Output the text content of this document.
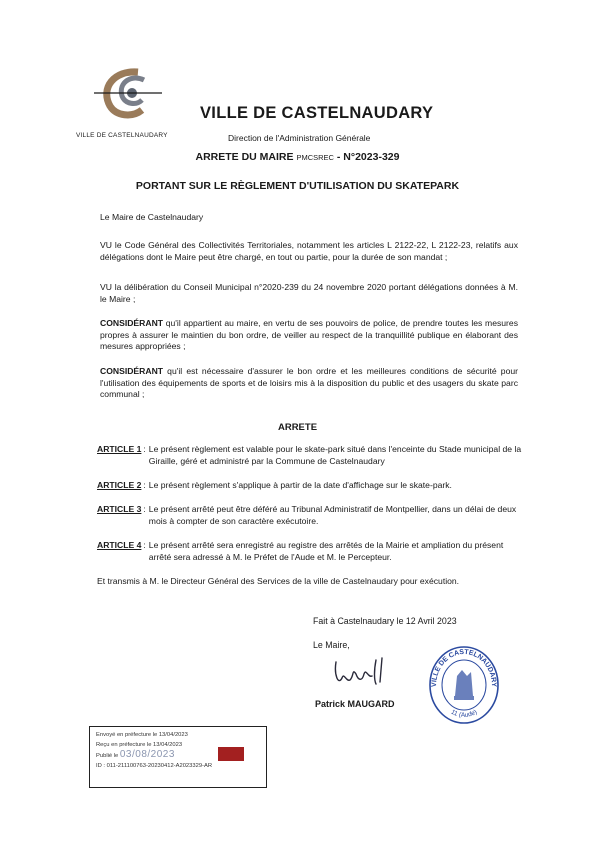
VILLE DE CASTELNAUDARY
VILLE DE CASTELNAUDARY
Direction de l'Administration Générale
ARRETE DU MAIRE PMCSREC - N°2023-329
PORTANT SUR LE RÈGLEMENT D'UTILISATION DU SKATEPARK
Le Maire de Castelnaudary
VU le Code Général des Collectivités Territoriales, notamment les articles L 2122-22, L 2122-23, relatifs aux délégations dont le Maire peut être chargé, en tout ou partie, pour la durée de son mandat ;
VU la délibération du Conseil Municipal n°2020-239 du 24 novembre 2020 portant délégations données à M. le Maire ;
CONSIDÉRANT qu'il appartient au maire, en vertu de ses pouvoirs de police, de prendre toutes les mesures propres à assurer le maintien du bon ordre, de veiller au respect de la tranquillité publique en élaborant des mesures appropriées ;
CONSIDÉRANT qu'il est nécessaire d'assurer le bon ordre et les meilleures conditions de sécurité pour l'utilisation des équipements de sports et de loisirs mis à la disposition du public et des usagers du skate parc communal ;
ARRETE
ARTICLE 1 : Le présent règlement est valable pour le skate-park situé dans l'enceinte du Stade municipal de la Giraille, géré et administré par la Commune de Castelnaudary
ARTICLE 2 : Le présent règlement s'applique à partir de la date d'affichage sur le skate-park.
ARTICLE 3 : Le présent arrêté peut être déféré au Tribunal Administratif de Montpellier, dans un délai de deux mois à compter de son caractère exécutoire.
ARTICLE 4 : Le présent arrêté sera enregistré au registre des arrêtés de la Mairie et ampliation du présent arrêté sera adressé à M. le Préfet de l'Aude et M. le Percepteur.
Et transmis à M. le Directeur Général des Services de la ville de Castelnaudary pour exécution.
Fait à Castelnaudary le 12 Avril 2023
Le Maire,
Patrick MAUGARD
VILLE DE CASTELNAUDARY
11 (Aude)
Envoyé en préfecture le 13/04/2023
Reçu en préfecture le 13/04/2023
Publié le 03/08/2023
ID : 011-211100763-20230412-A2023329-AR
